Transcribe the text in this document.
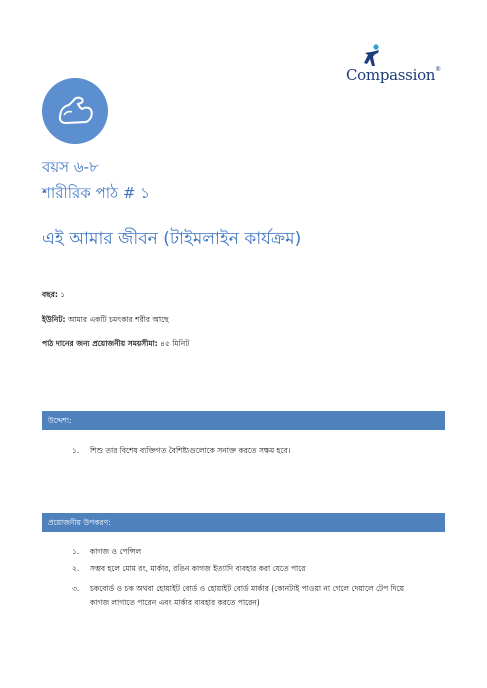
Compassion®
বয়স ৬-৮
শারীরিক পাঠ # ১
এই আমার জীবন (টাইমলাইন কার্যক্রম)
বছর: ১
ইউনিট: আমার একটি চমৎকার শরীর আছে
পাঠ দানের জন্য প্রয়োজনীয় সময়সীমা: ৪৫ মিনিট
উদ্দেশ্য:
১. শিশু তার বিশেষ ব্যক্তিগত বৈশিষ্ট্যগুলোকে সনাক্ত করতে সক্ষম হবে।
প্রয়োজনীয় উপকরণ:
১. কাগজ ও পেন্সিল
২. সম্ভব হলে মোম রং, মার্কার, রঙিন কাগজ ইত্যাদি ব্যবহার করা যেতে পারে
৩. চকবোর্ড ও চক অথবা হোয়াইট বোর্ড ও হোয়াইট বোর্ড মার্কার (কোনটাই পাওয়া না গেলে দেয়ালে টেপ দিয়ে কাগজ লাগাতে পারেন এবং মার্কার ব্যবহার করতে পারেন)
